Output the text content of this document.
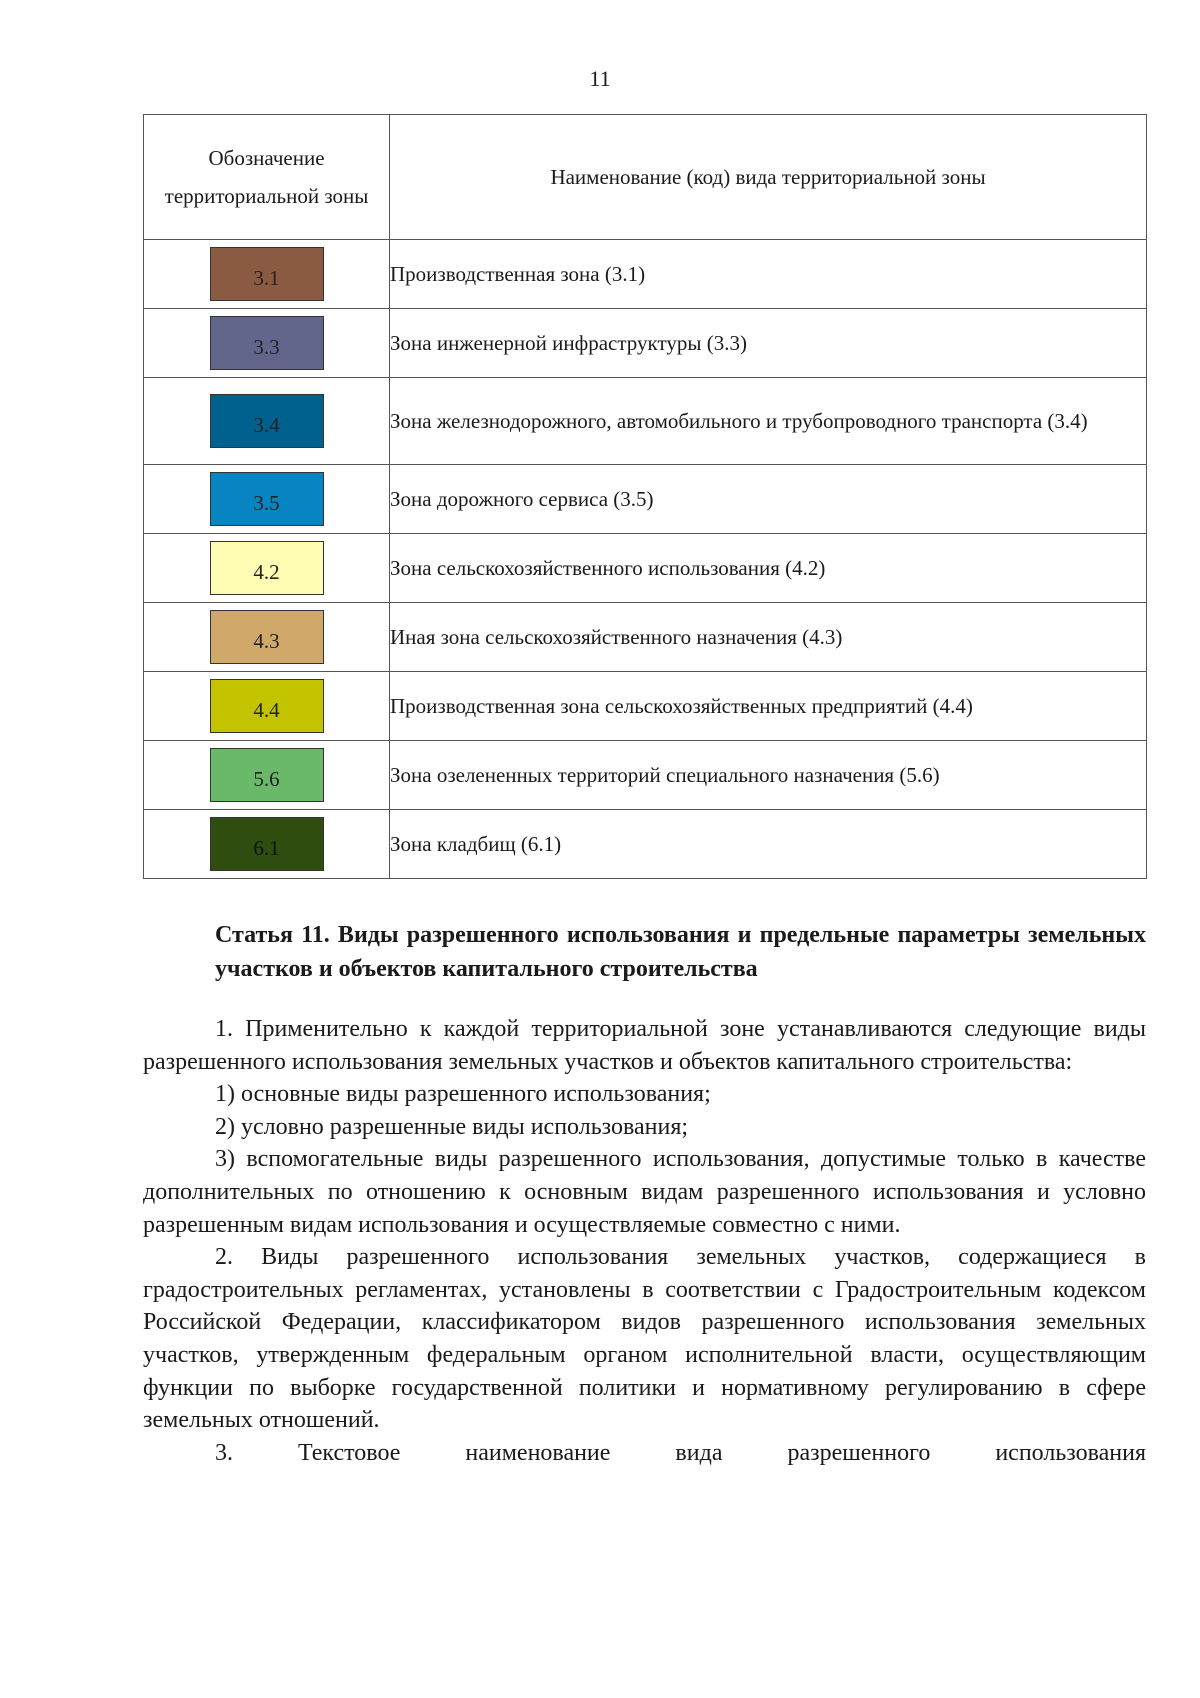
11
Обозначение территориальной зоны	Наименование (код) вида территориальной зоны
3.1	Производственная зона (3.1)
3.3	Зона инженерной инфраструктуры (3.3)
3.4	Зона железнодорожного, автомобильного и трубопроводного транспорта (3.4)
3.5	Зона дорожного сервиса (3.5)
4.2	Зона сельскохозяйственного использования (4.2)
4.3	Иная зона сельскохозяйственного назначения (4.3)
4.4	Производственная зона сельскохозяйственных предприятий (4.4)
5.6	Зона озелененных территорий специального назначения (5.6)
6.1	Зона кладбищ (6.1)
Статья 11. Виды разрешенного использования и предельные параметры земельных участков и объектов капитального строительства

1. Применительно к каждой территориальной зоне устанавливаются следующие виды разрешенного использования земельных участков и объектов капитального строительства:

1) основные виды разрешенного использования;

2) условно разрешенные виды использования;

3) вспомогательные виды разрешенного использования, допустимые только в качестве дополнительных по отношению к основным видам разрешенного использования и условно разрешенным видам использования и осуществляемые совместно с ними.

2. Виды разрешенного использования земельных участков, содержащиеся в градостроительных регламентах, установлены в соответствии с Градостроительным кодексом Российской Федерации, классификатором видов разрешенного использования земельных участков, утвержденным федеральным органом исполнительной власти, осуществляющим функции по выборке государственной политики и нормативному регулированию в сфере земельных отношений.

3. Текстовое наименование вида разрешенного использования
